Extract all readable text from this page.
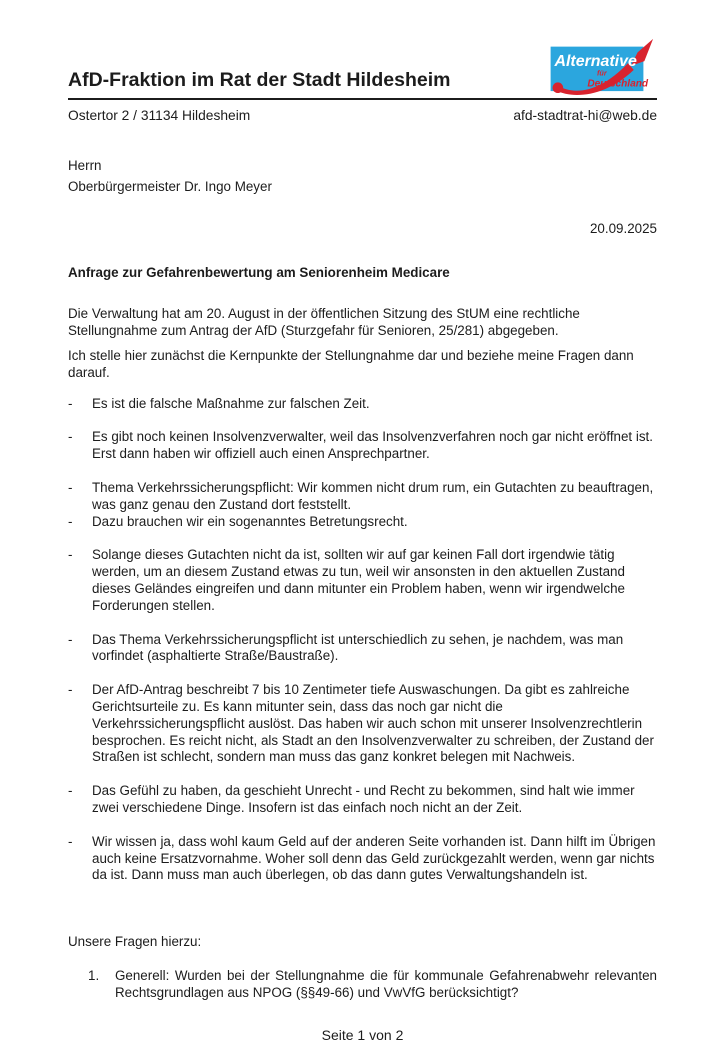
AfD-Fraktion im Rat der Stadt Hildesheim
Alternative
für
Deutschland
Ostertor 2 / 31134 Hildesheim	afd-stadtrat-hi@web.de
Herrn
Oberbürgermeister Dr. Ingo Meyer
20.09.2025
Anfrage zur Gefahrenbewertung am Seniorenheim Medicare
Die Verwaltung hat am 20. August in der öffentlichen Sitzung des StUM eine rechtliche Stellungnahme zum Antrag der AfD (Sturzgefahr für Senioren, 25/281) abgegeben.
Ich stelle hier zunächst die Kernpunkte der Stellungnahme dar und beziehe meine Fragen dann darauf.
-	Es ist die falsche Maßnahme zur falschen Zeit.
-	Es gibt noch keinen Insolvenzverwalter, weil das Insolvenzverfahren noch gar nicht eröffnet ist. Erst dann haben wir offiziell auch einen Ansprechpartner.
-	Thema Verkehrssicherungspflicht: Wir kommen nicht drum rum, ein Gutachten zu beauftragen, was ganz genau den Zustand dort feststellt.
-	Dazu brauchen wir ein sogenanntes Betretungsrecht.
-	Solange dieses Gutachten nicht da ist, sollten wir auf gar keinen Fall dort irgendwie tätig werden, um an diesem Zustand etwas zu tun, weil wir ansonsten in den aktuellen Zustand dieses Geländes eingreifen und dann mitunter ein Problem haben, wenn wir irgendwelche Forderungen stellen.
-	Das Thema Verkehrssicherungspflicht ist unterschiedlich zu sehen, je nachdem, was man vorfindet (asphaltierte Straße/Baustraße).
-	Der AfD-Antrag beschreibt 7 bis 10 Zentimeter tiefe Auswaschungen. Da gibt es zahlreiche Gerichtsurteile zu. Es kann mitunter sein, dass das noch gar nicht die Verkehrssicherungspflicht auslöst. Das haben wir auch schon mit unserer Insolvenzrechtlerin besprochen. Es reicht nicht, als Stadt an den Insolvenzverwalter zu schreiben, der Zustand der Straßen ist schlecht, sondern man muss das ganz konkret belegen mit Nachweis.
-	Das Gefühl zu haben, da geschieht Unrecht - und Recht zu bekommen, sind halt wie immer zwei verschiedene Dinge. Insofern ist das einfach noch nicht an der Zeit.
-	Wir wissen ja, dass wohl kaum Geld auf der anderen Seite vorhanden ist. Dann hilft im Übrigen auch keine Ersatzvornahme. Woher soll denn das Geld zurückgezahlt werden, wenn gar nichts da ist. Dann muss man auch überlegen, ob das dann gutes Verwaltungshandeln ist.
Unsere Fragen hierzu:
1.	Generell: Wurden bei der Stellungnahme die für kommunale Gefahrenabwehr relevanten Rechtsgrundlagen aus NPOG (§§49-66) und VwVfG berücksichtigt?
Seite 1 von 2
